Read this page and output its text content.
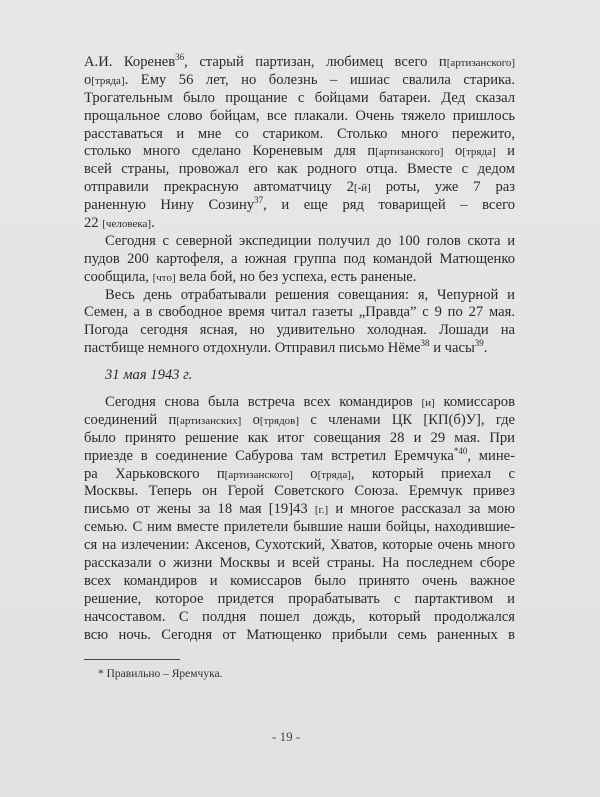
А.И. Коренев$^{36}$, старый партизан, любимец всего п[артизанского]
о[тряда]. Ему 56 лет, но болезнь – ишиас свалила старика.
Трогательным было прощание с бойцами батареи. Дед сказал
прощальное слово бойцам, все плакали. Очень тяжело пришлось
расставаться и мне со стариком. Столько много пережито,
столько много сделано Кореневым для п[артизанского] о[тряда] и
всей страны, провожал его как родного отца. Вместе с дедом
отправили прекрасную автоматчицу 2[-й] роты, уже 7 раз
раненную Нину Созину$^{37}$, и еще ряд товарищей – всего
22 [человека].
Сегодня с северной экспедиции получил до 100 голов скота и
пудов 200 картофеля, а южная группа под командой Матющенко
сообщила, [что] вела бой, но без успеха, есть раненые.
Весь день отрабатывали решения совещания: я, Чепурной и
Семен, а в свободное время читал газеты „Правда” с 9 по 27 мая.
Погода сегодня ясная, но удивительно холодная. Лошади на
пастбище немного отдохнули. Отправил письмо Нёме$^{38}$ и часы$^{39}$.
31 мая 1943 г.
Сегодня снова была встреча всех командиров [и] комиссаров
соединений п[артизанских] о[трядов] с членами ЦК [КП(б)У], где
было принято решение как итог совещания 28 и 29 мая. При
приезде в соединение Сабурова там встретил Еремчука$^{*40}$, мине-
ра Харьковского п[артизанского] о[тряда], который приехал с
Москвы. Теперь он Герой Советского Союза. Еремчук привез
письмо от жены за 18 мая [19]43 [г.] и многое рассказал за мою
семью. С ним вместе прилетели бывшие наши бойцы, находившие-
ся на излечении: Аксенов, Сухотский, Хватов, которые очень много
рассказали о жизни Москвы и всей страны. На последнем сборе
всех командиров и комиссаров было принято очень важное
решение, которое придется прорабатывать с партактивом и
начсоставом. С полдня пошел дождь, который продолжался
всю ночь. Сегодня от Матющенко прибыли семь раненных в
* Правильно – Яремчука.
- 19 -
